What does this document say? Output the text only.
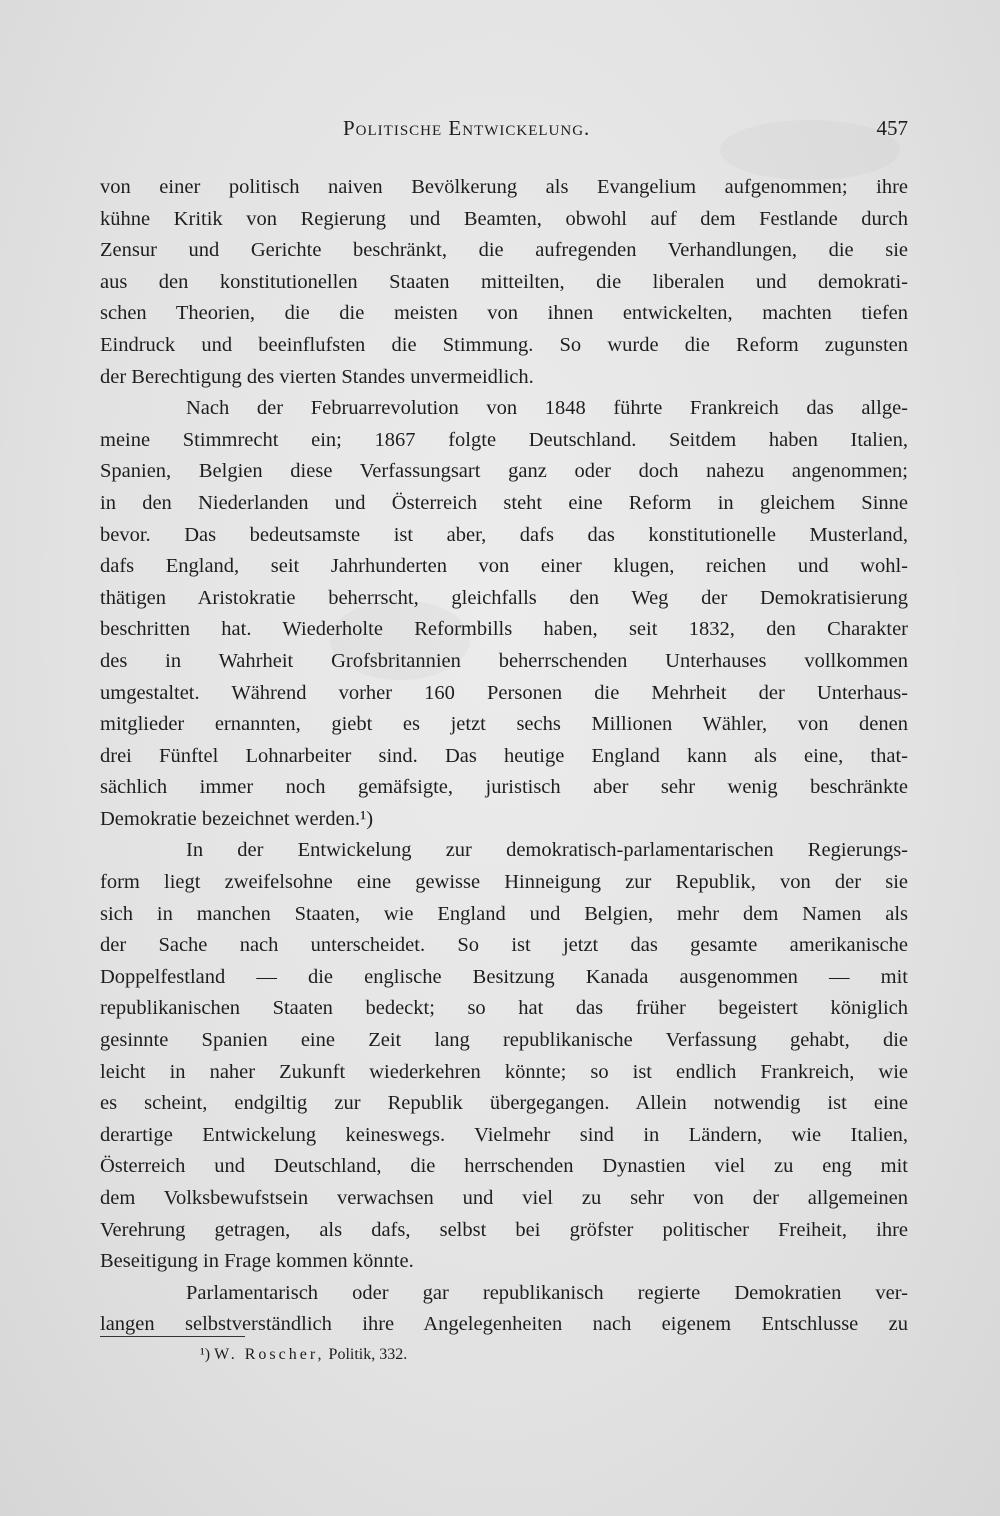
Politische Entwickelung.	457
von einer politisch naiven Bevölkerung als Evangelium aufgenommen; ihre
kühne Kritik von Regierung und Beamten, obwohl auf dem Festlande durch
Zensur und Gerichte beschränkt, die aufregenden Verhandlungen, die sie
aus den konstitutionellen Staaten mitteilten, die liberalen und demokrati-
schen Theorien, die die meisten von ihnen entwickelten, machten tiefen
Eindruck und beeinflufsten die Stimmung. So wurde die Reform zugunsten
der Berechtigung des vierten Standes unvermeidlich.
Nach der Februarrevolution von 1848 führte Frankreich das allge-
meine Stimmrecht ein; 1867 folgte Deutschland. Seitdem haben Italien,
Spanien, Belgien diese Verfassungsart ganz oder doch nahezu angenommen;
in den Niederlanden und Österreich steht eine Reform in gleichem Sinne
bevor. Das bedeutsamste ist aber, dafs das konstitutionelle Musterland,
dafs England, seit Jahrhunderten von einer klugen, reichen und wohl-
thätigen Aristokratie beherrscht, gleichfalls den Weg der Demokratisierung
beschritten hat. Wiederholte Reformbills haben, seit 1832, den Charakter
des in Wahrheit Grofsbritannien beherrschenden Unterhauses vollkommen
umgestaltet. Während vorher 160 Personen die Mehrheit der Unterhaus-
mitglieder ernannten, giebt es jetzt sechs Millionen Wähler, von denen
drei Fünftel Lohnarbeiter sind. Das heutige England kann als eine, that-
sächlich immer noch gemäfsigte, juristisch aber sehr wenig beschränkte
Demokratie bezeichnet werden.¹)
In der Entwickelung zur demokratisch-parlamentarischen Regierungs-
form liegt zweifelsohne eine gewisse Hinneigung zur Republik, von der sie
sich in manchen Staaten, wie England und Belgien, mehr dem Namen als
der Sache nach unterscheidet. So ist jetzt das gesamte amerikanische
Doppelfestland — die englische Besitzung Kanada ausgenommen — mit
republikanischen Staaten bedeckt; so hat das früher begeistert königlich
gesinnte Spanien eine Zeit lang republikanische Verfassung gehabt, die
leicht in naher Zukunft wiederkehren könnte; so ist endlich Frankreich, wie
es scheint, endgiltig zur Republik übergegangen. Allein notwendig ist eine
derartige Entwickelung keineswegs. Vielmehr sind in Ländern, wie Italien,
Österreich und Deutschland, die herrschenden Dynastien viel zu eng mit
dem Volksbewufstsein verwachsen und viel zu sehr von der allgemeinen
Verehrung getragen, als dafs, selbst bei gröfster politischer Freiheit, ihre
Beseitigung in Frage kommen könnte.
Parlamentarisch oder gar republikanisch regierte Demokratien ver-
langen selbstverständlich ihre Angelegenheiten nach eigenem Entschlusse zu
¹) W. Roscher, Politik, 332.
